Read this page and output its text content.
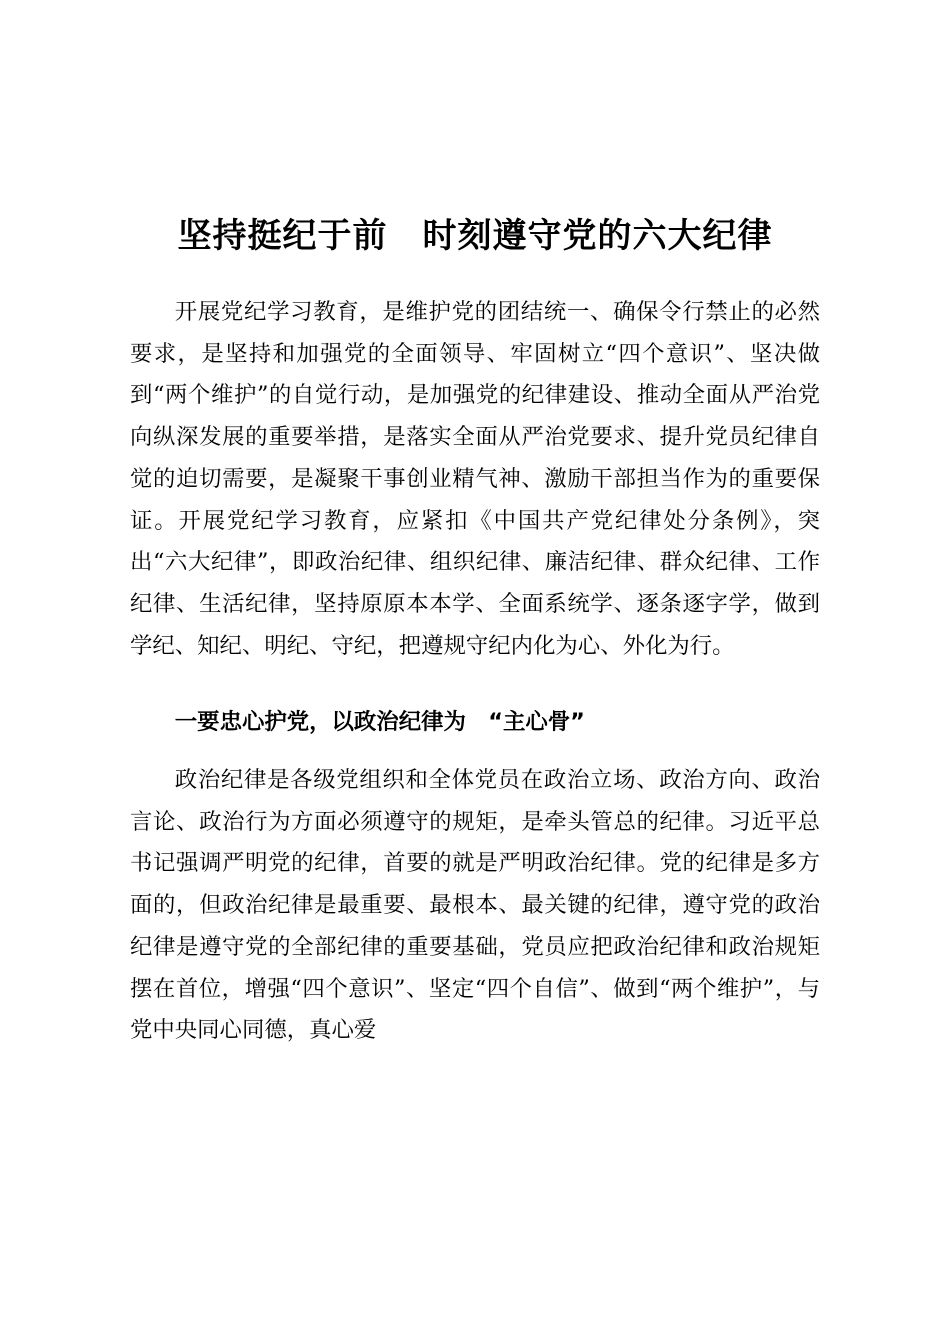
坚持挺纪于前　时刻遵守党的六大纪律

开展党纪学习教育，是维护党的团结统一、确保令行禁止的必然要求，是坚持和加强党的全面领导、牢固树立“四个意识”、坚决做到“两个维护”的自觉行动，是加强党的纪律建设、推动全面从严治党向纵深发展的重要举措，是落实全面从严治党要求、提升党员纪律自觉的迫切需要，是凝聚干事创业精气神、激励干部担当作为的重要保证。开展党纪学习教育，应紧扣《中国共产党纪律处分条例》，突出“六大纪律”，即政治纪律、组织纪律、廉洁纪律、群众纪律、工作纪律、生活纪律，坚持原原本本学、全面系统学、逐条逐字学，做到学纪、知纪、明纪、守纪，把遵规守纪内化为心、外化为行。

一要忠心护党，以政治纪律为　“主心骨”

政治纪律是各级党组织和全体党员在政治立场、政治方向、政治言论、政治行为方面必须遵守的规矩，是牵头管总的纪律。习近平总书记强调严明党的纪律，首要的就是严明政治纪律。党的纪律是多方面的，但政治纪律是最重要、最根本、最关键的纪律，遵守党的政治纪律是遵守党的全部纪律的重要基础，党员应把政治纪律和政治规矩摆在首位，增强“四个意识”、坚定“四个自信”、做到“两个维护”，与党中央同心同德，真心爱
